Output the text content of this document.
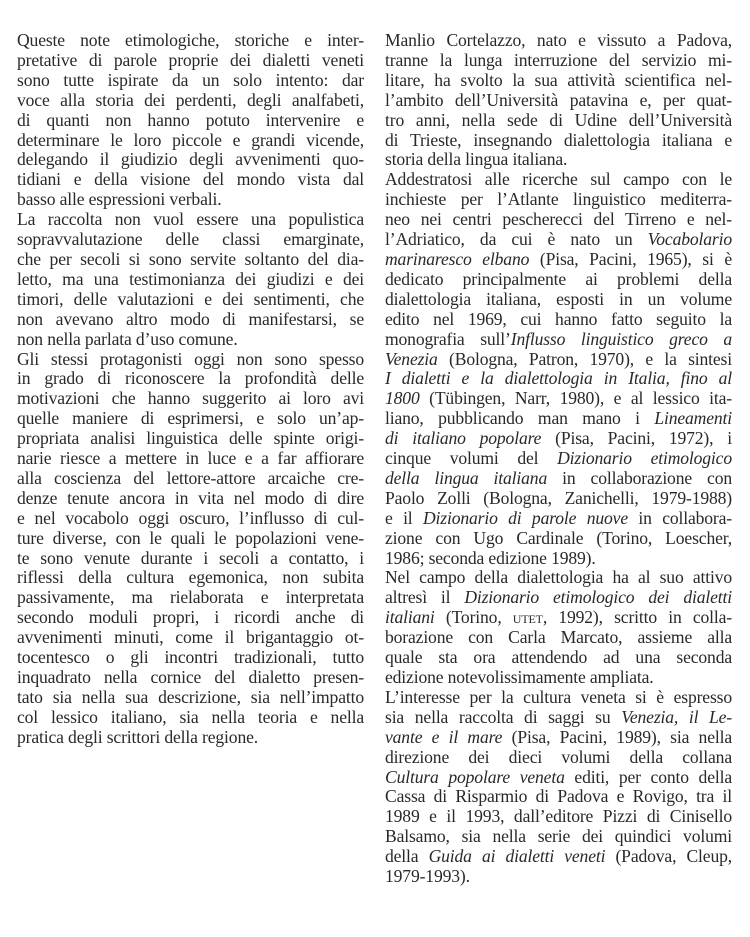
Queste note etimologiche, storiche e inter-
pretative di parole proprie dei dialetti veneti
sono tutte ispirate da un solo intento: dar
voce alla storia dei perdenti, degli analfabeti,
di quanti non hanno potuto intervenire e
determinare le loro piccole e grandi vicende,
delegando il giudizio degli avvenimenti quo-
tidiani e della visione del mondo vista dal
basso alle espressioni verbali.

La raccolta non vuol essere una populistica
sopravvalutazione delle classi emarginate,
che per secoli si sono servite soltanto del dia-
letto, ma una testimonianza dei giudizi e dei
timori, delle valutazioni e dei sentimenti, che
non avevano altro modo di manifestarsi, se
non nella parlata d’uso comune.

Gli stessi protagonisti oggi non sono spesso
in grado di riconoscere la profondità delle
motivazioni che hanno suggerito ai loro avi
quelle maniere di esprimersi, e solo un’ap-
propriata analisi linguistica delle spinte origi-
narie riesce a mettere in luce e a far affiorare
alla coscienza del lettore-attore arcaiche cre-
denze tenute ancora in vita nel modo di dire
e nel vocabolo oggi oscuro, l’influsso di cul-
ture diverse, con le quali le popolazioni vene-
te sono venute durante i secoli a contatto, i
riflessi della cultura egemonica, non subita
passivamente, ma rielaborata e interpretata
secondo moduli propri, i ricordi anche di
avvenimenti minuti, come il brigantaggio ot-
tocentesco o gli incontri tradizionali, tutto
inquadrato nella cornice del dialetto presen-
tato sia nella sua descrizione, sia nell’impatto
col lessico italiano, sia nella teoria e nella
pratica degli scrittori della regione.

Manlio Cortelazzo, nato e vissuto a Padova,
tranne la lunga interruzione del servizio mi-
litare, ha svolto la sua attività scientifica nel-
l’ambito dell’Università patavina e, per quat-
tro anni, nella sede di Udine dell’Università
di Trieste, insegnando dialettologia italiana e
storia della lingua italiana.

Addestratosi alle ricerche sul campo con le
inchieste per l’Atlante linguistico mediterra-
neo nei centri pescherecci del Tirreno e nel-
l’Adriatico, da cui è nato un Vocabolario
marinaresco elbano (Pisa, Pacini, 1965), si è
dedicato principalmente ai problemi della
dialettologia italiana, esposti in un volume
edito nel 1969, cui hanno fatto seguito la
monografia sull’Influsso linguistico greco a
Venezia (Bologna, Patron, 1970), e la sintesi
I dialetti e la dialettologia in Italia, fino al
1800 (Tübingen, Narr, 1980), e al lessico ita-
liano, pubblicando man mano i Lineamenti
di italiano popolare (Pisa, Pacini, 1972), i
cinque volumi del Dizionario etimologico
della lingua italiana in collaborazione con
Paolo Zolli (Bologna, Zanichelli, 1979-1988)
e il Dizionario di parole nuove in collabora-
zione con Ugo Cardinale (Torino, Loescher,
1986; seconda edizione 1989).

Nel campo della dialettologia ha al suo attivo
altresì il Dizionario etimologico dei dialetti
italiani (Torino, utet, 1992), scritto in colla-
borazione con Carla Marcato, assieme alla
quale sta ora attendendo ad una seconda
edizione notevolissimamente ampliata.

L’interesse per la cultura veneta si è espresso
sia nella raccolta di saggi su Venezia, il Le-
vante e il mare (Pisa, Pacini, 1989), sia nella
direzione dei dieci volumi della collana
Cultura popolare veneta editi, per conto della
Cassa di Risparmio di Padova e Rovigo, tra il
1989 e il 1993, dall’editore Pizzi di Cinisello
Balsamo, sia nella serie dei quindici volumi
della Guida ai dialetti veneti (Padova, Cleup,
1979-1993).
